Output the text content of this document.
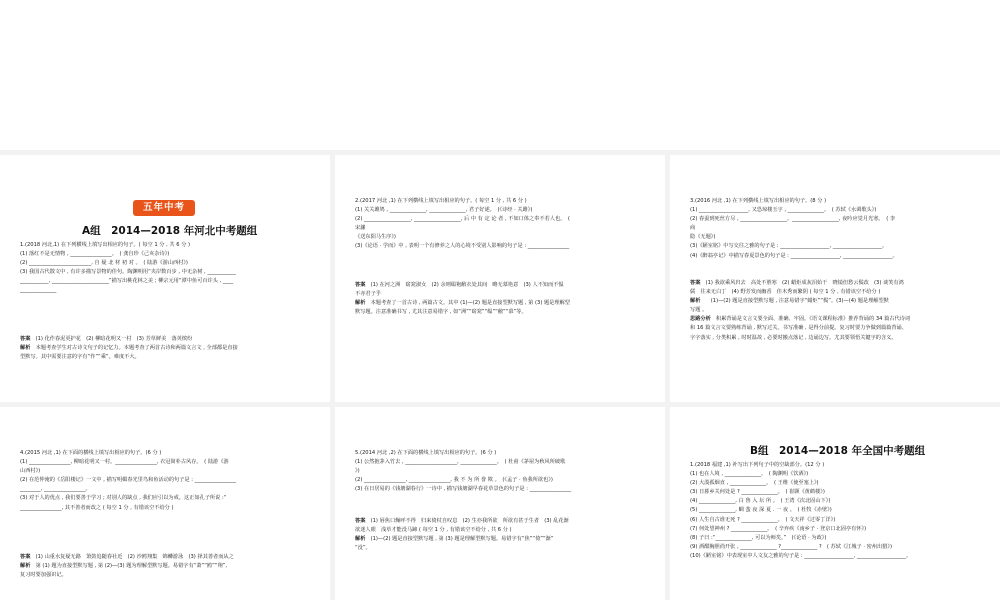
五年中考
A组　2014—2018 年河北中考题组
1.(2018 河北,1) 在下列横线上填写出相应的句子。( 每空 1 分 , 共 6 分 )
(1) 落红不是无情物 , ________________。　( 龚自珍《己亥杂诗》)
(2) ________________________, 自 疑 北 材 初 对 。　( 陆游《游山西村》)
(3) 我国古代散文中 , 有许多描写景物的佳句。陶渊明用“夹岸数百步 , 中无杂树 , ___________
___________, ______________________”描写出桃花林之美 ; 柳宗元用“潭中鱼可百许头 , ____
______________
答案　(1) 化作春泥更护花　(2) 柳暗花明又一村　(3) 芳草鲜美　落英缤纷
解析　本题考查学生对古诗文句子的记忆力。本题考查了两首古诗和两篇文言文 , 全部都是直接
型默写。其中需要注意的字有“作”“乘”。难度不大。
2.(2017 河北 ,1) 在下列横线上填写出相应的句子。( 每空 1 分 , 共 6 分 )
(1) 关关雎鸠 , ______________, ______________, 君子好逑。　(《诗经 · 关雎》)
(2) __________________, __________________, 后 中 有 定 论 者 , 不如口体之奉不若人也。　(
宋濂
《送东阳马生序》)
(3)《论语 · 学而》中 , 表明一个有修养之人的心境不受别人影响的句子是 : ________________
答案　(1) 在河之洲　窈窕淑女　(2) 余则缊袍敝衣处其间　略无慕艳意　(3) 人不知而不愠
不亦君子乎
解析　本题考查了一首古诗 , 两篇古文。其中 (1)—(2) 题是直接型默写题 , 第 (3) 题是理解型
默写题。注意准确书写 , 尤其注意易错字 , 如“洲”“窈窕”“缊”“敝”“慕”等。
3.(2016 河北 ,1) 在下列横线上填写出相应的句子。(8 分 )
(1) ___________________, 又恐琼楼玉宇 , ______________。　( 苏轼《水调歌头》)
(2) 春蚕到死丝方尽 , __________________。__________________, 夜吟应觉月光寒。　( 李
商
隐《无题》)
(3)《陋室铭》中写交往之雅的句子是 : ___________________, ___________________。
(4)《醉翁亭记》中描写春夏景色的句子是 : ___________________, ___________________。
答案　(1) 我欲乘风归去　高处不胜寒　(2) 蜡炬成灰泪始干　晓镜但愁云鬓改　(3) 谈笑有鸿
儒　往来无白丁　(4) 野芳发而幽香　佳木秀而繁阴 ( 每空 1 分 , 有错该空不给分 )
解析　　(1)—(2) 题是直接型默写题 , 注意易错字“蜡炬”“鬓”。(3)—(4) 题是理解型默
写题 。
思路分析　积累背诵是文言文要全面、准确、牢固。《语文课程标准》推荐背诵的 34 篇古代诗词
和 16 篇文言文要熟练背诵 , 默写过关。书写准确 , 是得分前提。复习时要力争做到篇篇背诵、
字字落实 , 分类积累 , 时时温故 , 必要时搬点落记 , 边诵边写。尤其要领悟关键字的含义。
4.(2015 河北 ,1) 在下面的横线上填写出相应的句子。(6 分 )
(1) ________________, 柳暗花明又一村。________________, 衣冠简朴古风存。　( 陆游《游
山西村》)
(2) 在范仲淹的《岳阳楼记》一文中 , 描写明媚春光里鸟和鱼活动的句子是 : ________________
________, ________________。
(3) 对于人的优点 , 我们要善于学习 ; 对别人的缺点 , 我们应引以为戒。这正如孔子所说 :“
________________, 其不善者而改之 ( 每空 1 分 , 有错该空不给分 )
答案　(1) 山重水复疑无路　箫鼓追随春社近　(2) 沙鸥翔集　锦鳞游泳　(3) 择其善者而从之
解析　第 (1) 题为直接型默写题 , 第 (2)—(3) 题为理解型默写题。易错字有“萧”“鸥”“翔”,
复习时要加强识记。
5.(2014 河北 ,2) 在下面的横线上填写出相应的句子。(6 分 )
(1) 公然抱茅入竹去 , ____________________, ______________。　( 杜甫《茅屋为秋风所破歌
》)
(2) ________________, ________________, 我 不 为 所 誊 欺 。　(《孟子 · 鱼我所欲也》)
(3) 在日居易的《钱塘湖春行》一诗中 , 描写钱塘湖早春花草景色的句子是 : ________________
答案　(1) 唇焦口燥呼不得　归来倚杖自叹息　(2) 生亦我所欲　所欲有甚于生者　(3) 乱花渐
欲迷人眼　浅草才能没马蹄 ( 每空 1 分 , 有错该空不给分 , 共 6 分 )
解析　(1)—(2) 题是直接型默写题 , 第 (3) 题是理解型默写题。易错字有“焦”“倚”“渐”
“没”。
B组　2014—2018 年全国中考题组
1.(2018 福建 ,1) 补写出下列句子中的空缺部分。(12 分 )
(1) 也在人境 , ______________。　( 陶渊明《饮酒》)
(2) 大漠孤烟直 , ______________。　( 王维《使至塞上》)
(3) 日暮乡关何处是 ? ______________。　( 崔颢《黄鹤楼》)
(4) ______________, 白 鲁 入 坛 所 。　( 王湾《次北固山下》)
(5) ______________, 蜩 蜚 夜 深 夏 . 一 夜 。　( 杜牧《赤壁》)
(6) 人生自古谁无死 ? ______________。　( 文天祥《过零丁洋》)
(7) 何处望神州 ? ______________。　( 辛弃疾《南乡子 · 登京口北固亭有怀》)
(8) 子曰 :“______________, 可以为师矣。”　(《论语 · 为政》)
(9) 酒酣胸胆尚开张 , ______________ ?______________ ?　( 苏轼《江城子 · 密州出猎》)
(10)《陋室铭》中表现室中人文友之雅的句子是 : ___________________, ___________________。
